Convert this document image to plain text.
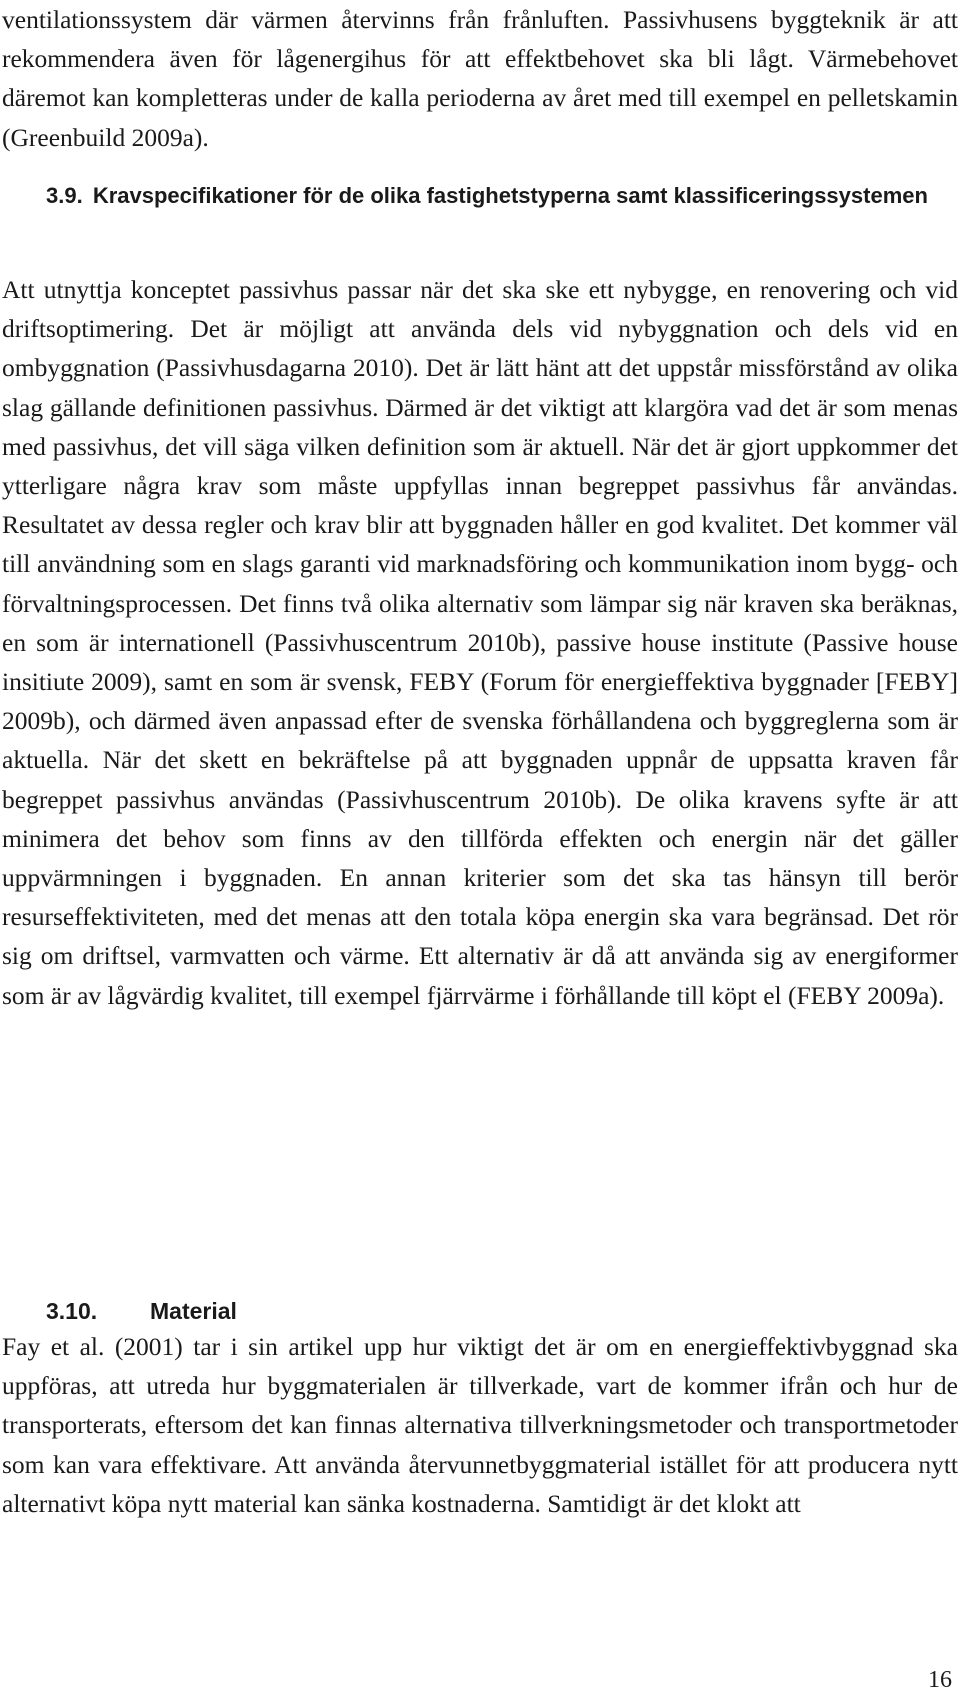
ventilationssystem där värmen återvinns från frånluften. Passivhusens byggteknik är att rekommendera även för lågenergihus för att effektbehovet ska bli lågt. Värmebehovet däremot kan kompletteras under de kalla perioderna av året med till exempel en pelletskamin (Greenbuild 2009a).

3.9. Kravspecifikationer för de olika fastighetstyperna samt klassificeringssystemen

Att utnyttja konceptet passivhus passar när det ska ske ett nybygge, en renovering och vid driftsoptimering. Det är möjligt att använda dels vid nybyggnation och dels vid en ombyggnation (Passivhusdagarna 2010). Det är lätt hänt att det uppstår missförstånd av olika slag gällande definitionen passivhus. Därmed är det viktigt att klargöra vad det är som menas med passivhus, det vill säga vilken definition som är aktuell. När det är gjort uppkommer det ytterligare några krav som måste uppfyllas innan begreppet passivhus får användas. Resultatet av dessa regler och krav blir att byggnaden håller en god kvalitet. Det kommer väl till användning som en slags garanti vid marknadsföring och kommunikation inom bygg- och förvaltningsprocessen. Det finns två olika alternativ som lämpar sig när kraven ska beräknas, en som är internationell (Passivhuscentrum 2010b), passive house institute (Passive house insitiute 2009), samt en som är svensk, FEBY (Forum för energieffektiva byggnader [FEBY] 2009b), och därmed även anpassad efter de svenska förhållandena och byggreglerna som är aktuella. När det skett en bekräftelse på att byggnaden uppnår de uppsatta kraven får begreppet passivhus användas (Passivhuscentrum 2010b). De olika kravens syfte är att minimera det behov som finns av den tillförda effekten och energin när det gäller uppvärmningen i byggnaden. En annan kriterier som det ska tas hänsyn till berör resurseffektiviteten, med det menas att den totala köpa energin ska vara begränsad. Det rör sig om driftsel, varmvatten och värme. Ett alternativ är då att använda sig av energiformer som är av lågvärdig kvalitet, till exempel fjärrvärme i förhållande till köpt el (FEBY 2009a).

3.10. Material

Fay et al. (2001) tar i sin artikel upp hur viktigt det är om en energieffektivbyggnad ska uppföras, att utreda hur byggmaterialen är tillverkade, vart de kommer ifrån och hur de transporterats, eftersom det kan finnas alternativa tillverkningsmetoder och transportmetoder som kan vara effektivare. Att använda återvunnetbyggmaterial istället för att producera nytt alternativt köpa nytt material kan sänka kostnaderna. Samtidigt är det klokt att

16
